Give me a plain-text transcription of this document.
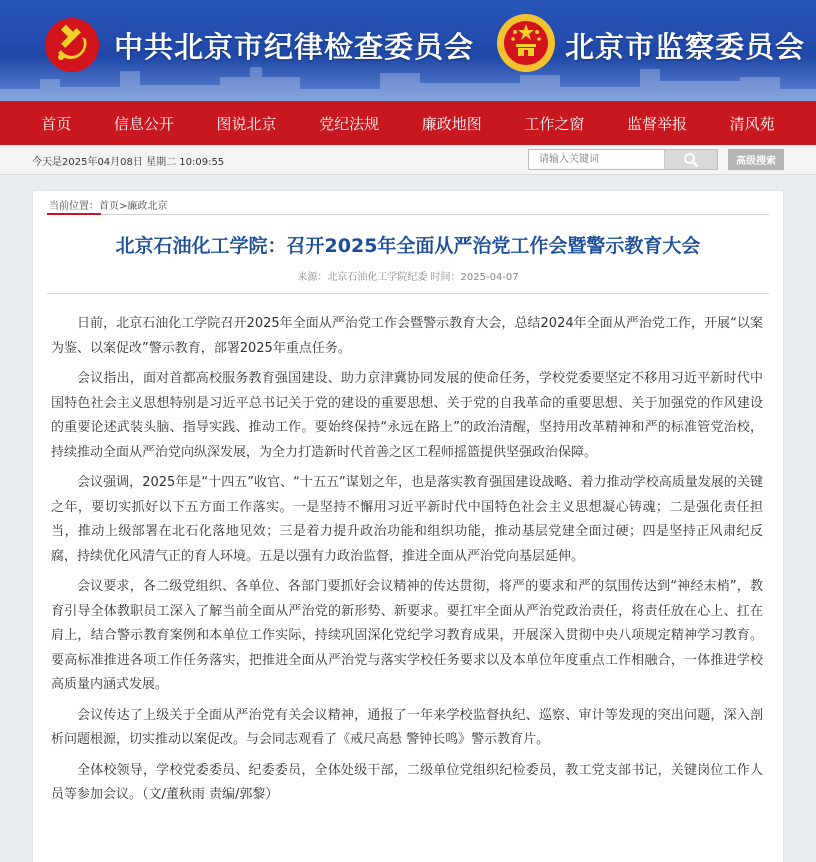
中共北京市纪律检查委员会	北京市监察委员会
首页	信息公开	图说北京	党纪法规	廉政地图	工作之窗	监督举报	清风苑
今天是2025年04月08日 星期二 10:09:55
请输入关键词	高级搜索
当前位置：首页>廉政北京
北京石油化工学院：召开2025年全面从严治党工作会暨警示教育大会
来源：北京石油化工学院纪委 时间：2025-04-07

日前，北京石油化工学院召开2025年全面从严治党工作会暨警示教育大会，总结2024年全面从严治党工作，开展“以案为鉴、以案促改”警示教育，部署2025年重点任务。

会议指出，面对首都高校服务教育强国建设、助力京津冀协同发展的使命任务，学校党委要坚定不移用习近平新时代中国特色社会主义思想特别是习近平总书记关于党的建设的重要思想、关于党的自我革命的重要思想、关于加强党的作风建设的重要论述武装头脑、指导实践、推动工作。要始终保持“永远在路上”的政治清醒，坚持用改革精神和严的标准管党治校，持续推动全面从严治党向纵深发展，为全力打造新时代首善之区工程师摇篮提供坚强政治保障。

会议强调，2025年是“十四五”收官、“十五五”谋划之年，也是落实教育强国建设战略、着力推动学校高质量发展的关键之年，要切实抓好以下五方面工作落实。一是坚持不懈用习近平新时代中国特色社会主义思想凝心铸魂；二是强化责任担当，推动上级部署在北石化落地见效；三是着力提升政治功能和组织功能，推动基层党建全面过硬；四是坚持正风肃纪反腐，持续优化风清气正的育人环境。五是以强有力政治监督，推进全面从严治党向基层延伸。

会议要求，各二级党组织、各单位、各部门要抓好会议精神的传达贯彻，将严的要求和严的氛围传达到“神经末梢”，教育引导全体教职员工深入了解当前全面从严治党的新形势、新要求。要扛牢全面从严治党政治责任，将责任放在心上、扛在肩上，结合警示教育案例和本单位工作实际，持续巩固深化党纪学习教育成果，开展深入贯彻中央八项规定精神学习教育。要高标准推进各项工作任务落实，把推进全面从严治党与落实学校任务要求以及本单位年度重点工作相融合，一体推进学校高质量内涵式发展。

会议传达了上级关于全面从严治党有关会议精神，通报了一年来学校监督执纪、巡察、审计等发现的突出问题，深入剖析问题根源，切实推动以案促改。与会同志观看了《戒尺高悬 警钟长鸣》警示教育片。

全体校领导，学校党委委员、纪委委员，全体处级干部，二级单位党组织纪检委员，教工党支部书记，关键岗位工作人员等参加会议。（文/董秋雨 责编/郭黎）
